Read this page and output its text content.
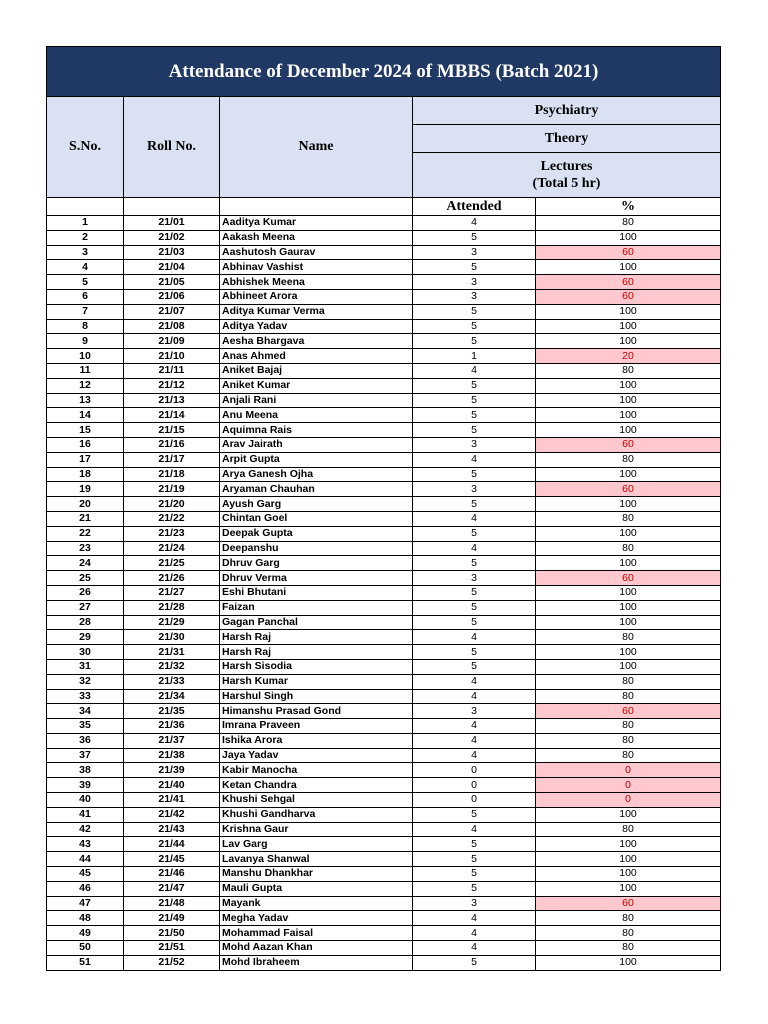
Attendance of December 2024 of MBBS (Batch 2021)				
S.No.	Roll No.	Name	Psychiatry	
			Theory	

			Lectures
(Total 5 hr)	

			Attended	%
1	21/01	Aaditya Kumar	4	80
2	21/02	Aakash Meena	5	100
3	21/03	Aashutosh Gaurav	3	60
4	21/04	Abhinav Vashist	5	100
5	21/05	Abhishek Meena	3	60
6	21/06	Abhineet Arora	3	60
7	21/07	Aditya Kumar Verma	5	100
8	21/08	Aditya Yadav	5	100
9	21/09	Aesha Bhargava	5	100
10	21/10	Anas Ahmed	1	20
11	21/11	Aniket Bajaj	4	80
12	21/12	Aniket Kumar	5	100
13	21/13	Anjali Rani	5	100
14	21/14	Anu Meena	5	100
15	21/15	Aquimna Rais	5	100
16	21/16	Arav Jairath	3	60
17	21/17	Arpit Gupta	4	80
18	21/18	Arya Ganesh Ojha	5	100
19	21/19	Aryaman Chauhan	3	60
20	21/20	Ayush Garg	5	100
21	21/22	Chintan Goel	4	80
22	21/23	Deepak Gupta	5	100
23	21/24	Deepanshu	4	80
24	21/25	Dhruv Garg	5	100
25	21/26	Dhruv Verma	3	60
26	21/27	Eshi Bhutani	5	100
27	21/28	Faizan	5	100
28	21/29	Gagan Panchal	5	100
29	21/30	Harsh Raj	4	80
30	21/31	Harsh Raj	5	100
31	21/32	Harsh Sisodia	5	100
32	21/33	Harsh Kumar	4	80
33	21/34	Harshul Singh	4	80
34	21/35	Himanshu Prasad Gond	3	60
35	21/36	Imrana Praveen	4	80
36	21/37	Ishika Arora	4	80
37	21/38	Jaya Yadav	4	80
38	21/39	Kabir Manocha	0	0
39	21/40	Ketan Chandra	0	0
40	21/41	Khushi Sehgal	0	0
41	21/42	Khushi Gandharva	5	100
42	21/43	Krishna Gaur	4	80
43	21/44	Lav Garg	5	100
44	21/45	Lavanya Shanwal	5	100
45	21/46	Manshu Dhankhar	5	100
46	21/47	Mauli Gupta	5	100
47	21/48	Mayank	3	60
48	21/49	Megha Yadav	4	80
49	21/50	Mohammad Faisal	4	80
50	21/51	Mohd Aazan Khan	4	80
51	21/52	Mohd Ibraheem	5	100
